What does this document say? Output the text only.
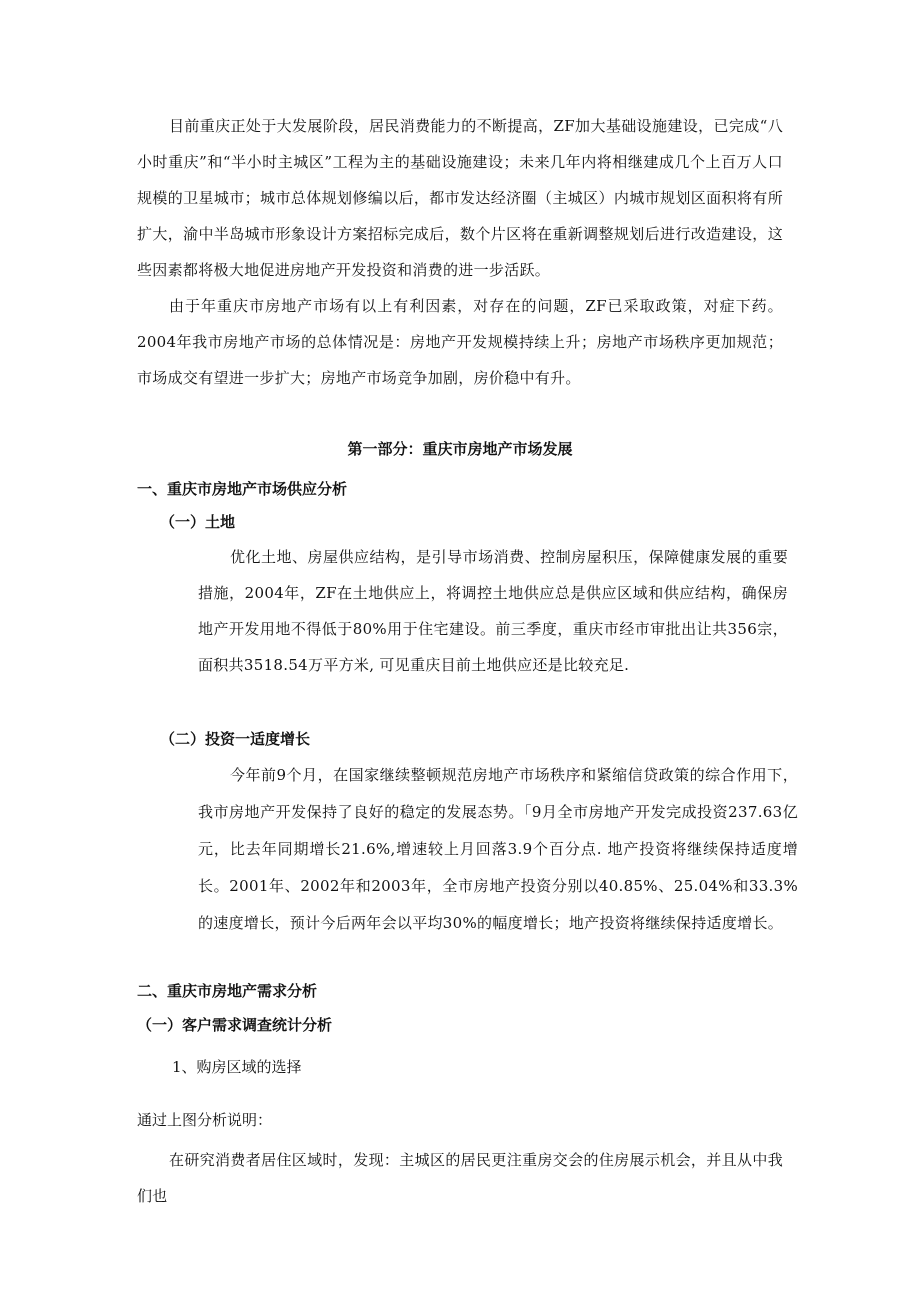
目前重庆正处于大发展阶段，居民消费能力的不断提高，ZF加大基础设施建设，已完成“八小时重庆”和“半小时主城区”工程为主的基础设施建设；未来几年内将相继建成几个上百万人口规模的卫星城市；城市总体规划修编以后，都市发达经济圈（主城区）内城市规划区面积将有所扩大，渝中半岛城市形象设计方案招标完成后，数个片区将在重新调整规划后进行改造建设，这些因素都将极大地促进房地产开发投资和消费的进一步活跃。

由于年重庆市房地产市场有以上有利因素，对存在的问题，ZF已采取政策，对症下药。2004年我市房地产市场的总体情况是：房地产开发规模持续上升；房地产市场秩序更加规范；市场成交有望进一步扩大；房地产市场竞争加剧，房价稳中有升。

第一部分：重庆市房地产市场发展
一、重庆市房地产市场供应分析
（一）土地

优化土地、房屋供应结构，是引导市场消费、控制房屋积压，保障健康发展的重要措施，2004年，ZF在土地供应上，将调控土地供应总是供应区域和供应结构，确保房地产开发用地不得低于80%用于住宅建设。前三季度，重庆市经市审批出让共356宗，面积共3518.54万平方米, 可见重庆目前土地供应还是比较充足.

（二）投资一适度增长

今年前9个月，在国家继续整顿规范房地产市场秩序和紧缩信贷政策的综合作用下，我市房地产开发保持了良好的稳定的发展态势。「9月全市房地产开发完成投资237.63亿元，比去年同期增长21.6%,增速较上月回落3.9个百分点. 地产投资将继续保持适度增长。2001年、2002年和2003年，全市房地产投资分别以40.85%、25.04%和33.3%的速度增长，预计今后两年会以平均30%的幅度增长；地产投资将继续保持适度增长。

二、重庆市房地产需求分析
（一）客户需求调查统计分析

1、购房区域的选择

通过上图分析说明：

在研究消费者居住区域时，发现：主城区的居民更注重房交会的住房展示机会，并且从中我们也
